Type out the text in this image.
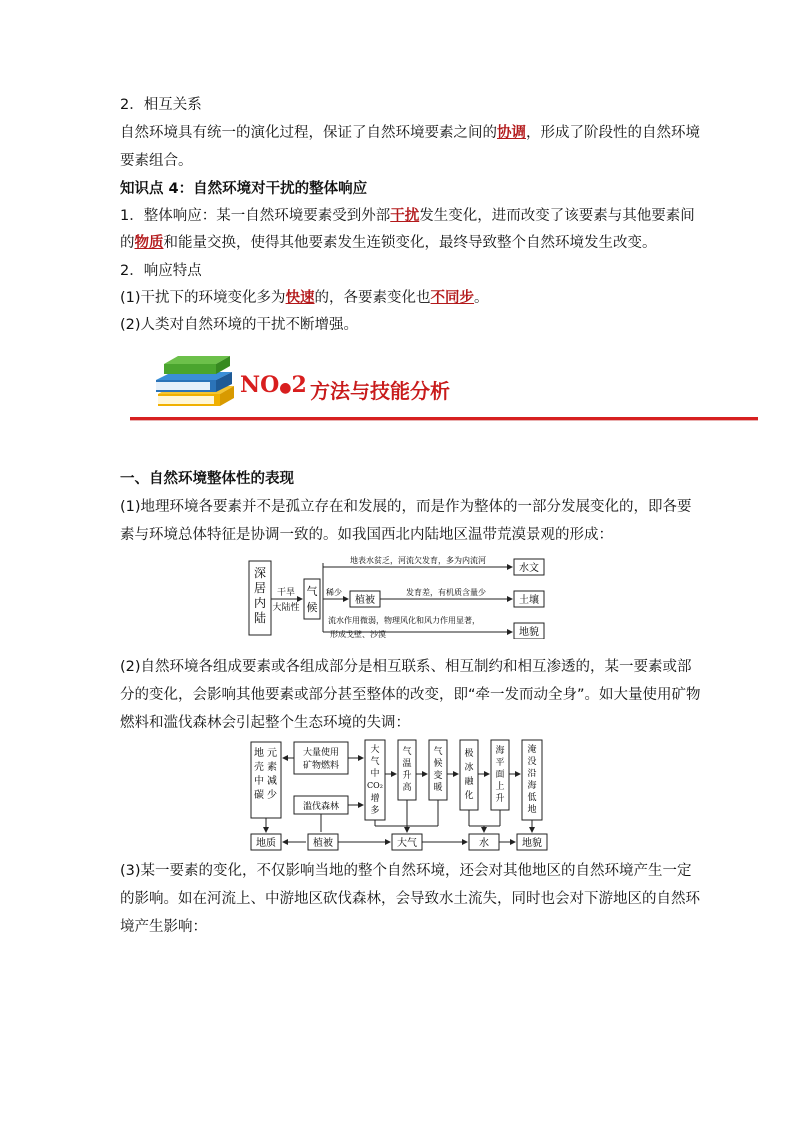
2．相互关系
自然环境具有统一的演化过程，保证了自然环境要素之间的协调，形成了阶段性的自然环境
要素组合。
知识点 4：自然环境对干扰的整体响应
1．整体响应：某一自然环境要素受到外部干扰发生变化，进而改变了该要素与其他要素间
的物质和能量交换，使得其他要素发生连锁变化，最终导致整个自然环境发生改变。
2．响应特点
(1)干扰下的环境变化多为快速的，各要素变化也不同步。
(2)人类对自然环境的干扰不断增强。
NO●2 方法与技能分析
一、自然环境整体性的表现
(1)地理环境各要素并不是孤立存在和发展的，而是作为整体的一部分发展变化的，即各要
素与环境总体特征是协调一致的。如我国西北内陆地区温带荒漠景观的形成：
深
居
内
陆
干旱
大陆性
气
候
地表水贫乏，河流欠发育，多为内流河
稀少
植被
发育差，有机质含量少
流水作用微弱，物理风化和风力作用显著，
水文
土壤
地貌
形成戈壁、沙漠
(2)自然环境各组成要素或各组成部分是相互联系、相互制约和相互渗透的，某一要素或部
分的变化，会影响其他要素或部分甚至整体的改变，即“牵一发而动全身”。如大量使用矿物
燃料和滥伐森林会引起整个生态环境的失调：
地
壳
中
碳
元
素
减
少
大量使用
矿物燃料
滥伐森林
大
气
中
CO₂
增
多
气
温
升
高
气
候
变
暖
极
冰
融
化
海
平
面
上
升
淹
没
沿
海
低
地
地质	植被	大气	水	地貌
(3)某一要素的变化，不仅影响当地的整个自然环境，还会对其他地区的自然环境产生一定
的影响。如在河流上、中游地区砍伐森林，会导致水土流失，同时也会对下游地区的自然环
境产生影响：
